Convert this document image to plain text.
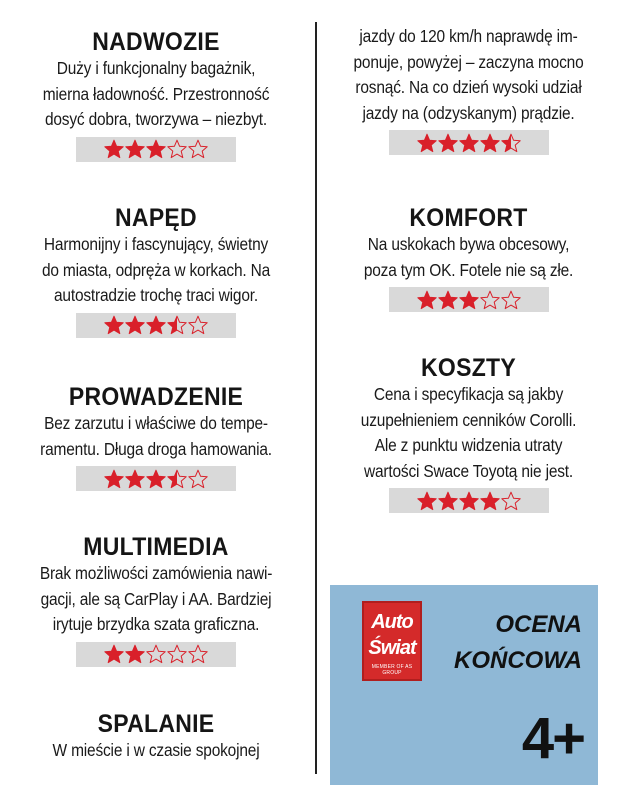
NADWOZIE
Duży i funkcjonalny bagażnik,
mierna ładowność. Przestronność
dosyć dobra, tworzywa – niezbyt.
NAPĘD
Harmonijny i fascynujący, świetny
do miasta, odpręża w korkach. Na
autostradzie trochę traci wigor.
PROWADZENIE
Bez zarzutu i właściwe do tempe-
ramentu. Długa droga hamowania.
MULTIMEDIA
Brak możliwości zamówienia nawi-
gacji, ale są CarPlay i AA. Bardziej
irytuje brzydka szata graficzna.
SPALANIE
W mieście i w czasie spokojnej
jazdy do 120 km/h naprawdę im-
ponuje, powyżej – zaczyna mocno
rosnąć. Na co dzień wysoki udział
jazdy na (odzyskanym) prądzie.
KOMFORT
Na uskokach bywa obcesowy,
poza tym OK. Fotele nie są złe.
KOSZTY
Cena i specyfikacja są jakby
uzupełnieniem cenników Corolli.
Ale z punktu widzenia utraty
wartości Swace Toyotą nie jest.
Auto
Świat
MEMBER OF AS GROUP
OCENA
KOŃCOWA
4+
